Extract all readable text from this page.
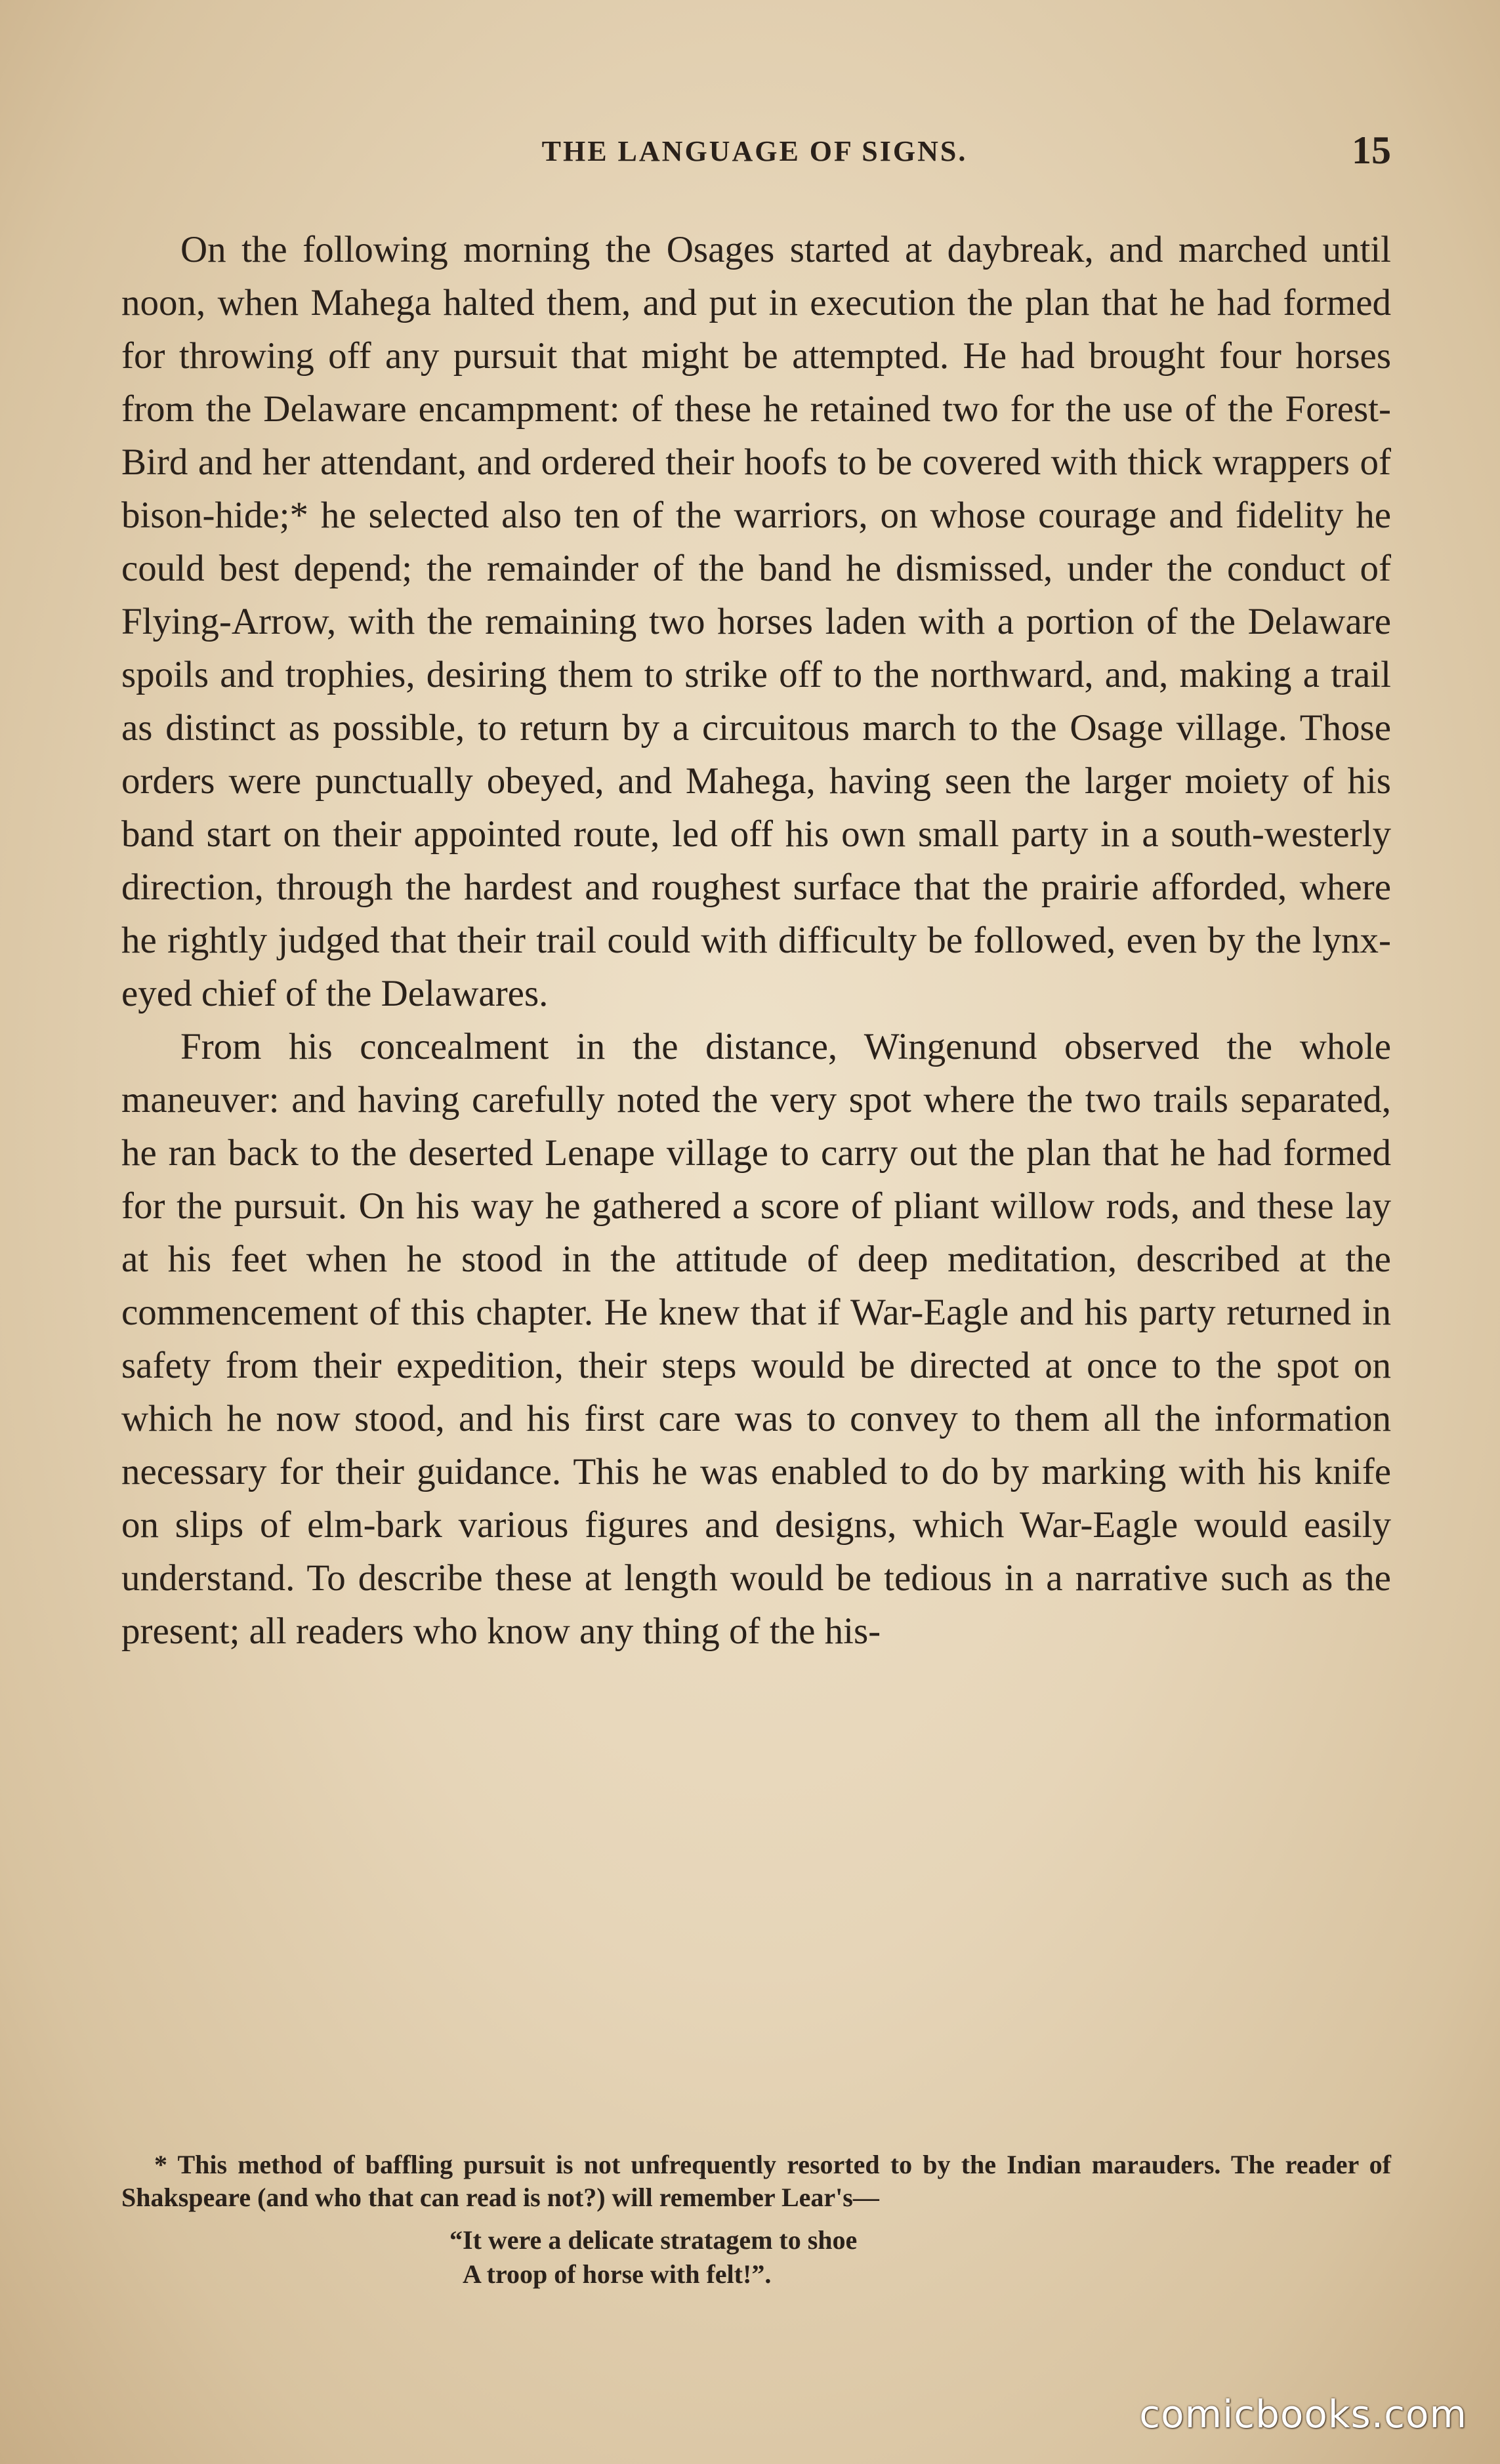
THE LANGUAGE OF SIGNS.	15

On the following morning the Osages started at daybreak, and marched until noon, when Mahega halted them, and put in execution the plan that he had formed for throwing off any pursuit that might be attempted. He had brought four horses from the Delaware encampment: of these he retained two for the use of the Forest-Bird and her attendant, and ordered their hoofs to be covered with thick wrappers of bison-hide;* he selected also ten of the warriors, on whose courage and fidelity he could best depend; the remainder of the band he dismissed, under the conduct of Flying-Arrow, with the remaining two horses laden with a portion of the Delaware spoils and trophies, desiring them to strike off to the northward, and, making a trail as distinct as possible, to return by a circuitous march to the Osage village. Those orders were punctually obeyed, and Mahega, having seen the larger moiety of his band start on their appointed route, led off his own small party in a south-westerly direction, through the hardest and roughest surface that the prairie afforded, where he rightly judged that their trail could with difficulty be followed, even by the lynx-eyed chief of the Delawares.

From his concealment in the distance, Wingenund observed the whole maneuver: and having carefully noted the very spot where the two trails separated, he ran back to the deserted Lenape village to carry out the plan that he had formed for the pursuit. On his way he gathered a score of pliant willow rods, and these lay at his feet when he stood in the attitude of deep meditation, described at the commencement of this chapter. He knew that if War-Eagle and his party returned in safety from their expedition, their steps would be directed at once to the spot on which he now stood, and his first care was to convey to them all the information necessary for their guidance. This he was enabled to do by marking with his knife on slips of elm-bark various figures and designs, which War-Eagle would easily understand. To describe these at length would be tedious in a narrative such as the present; all readers who know any thing of the his-

* This method of baffling pursuit is not unfrequently resorted to by the Indian marauders. The reader of Shakspeare (and who that can read is not?) will remember Lear's—

“It were a delicate stratagem to shoe
A troop of horse with felt!”.
comicbooks.com
